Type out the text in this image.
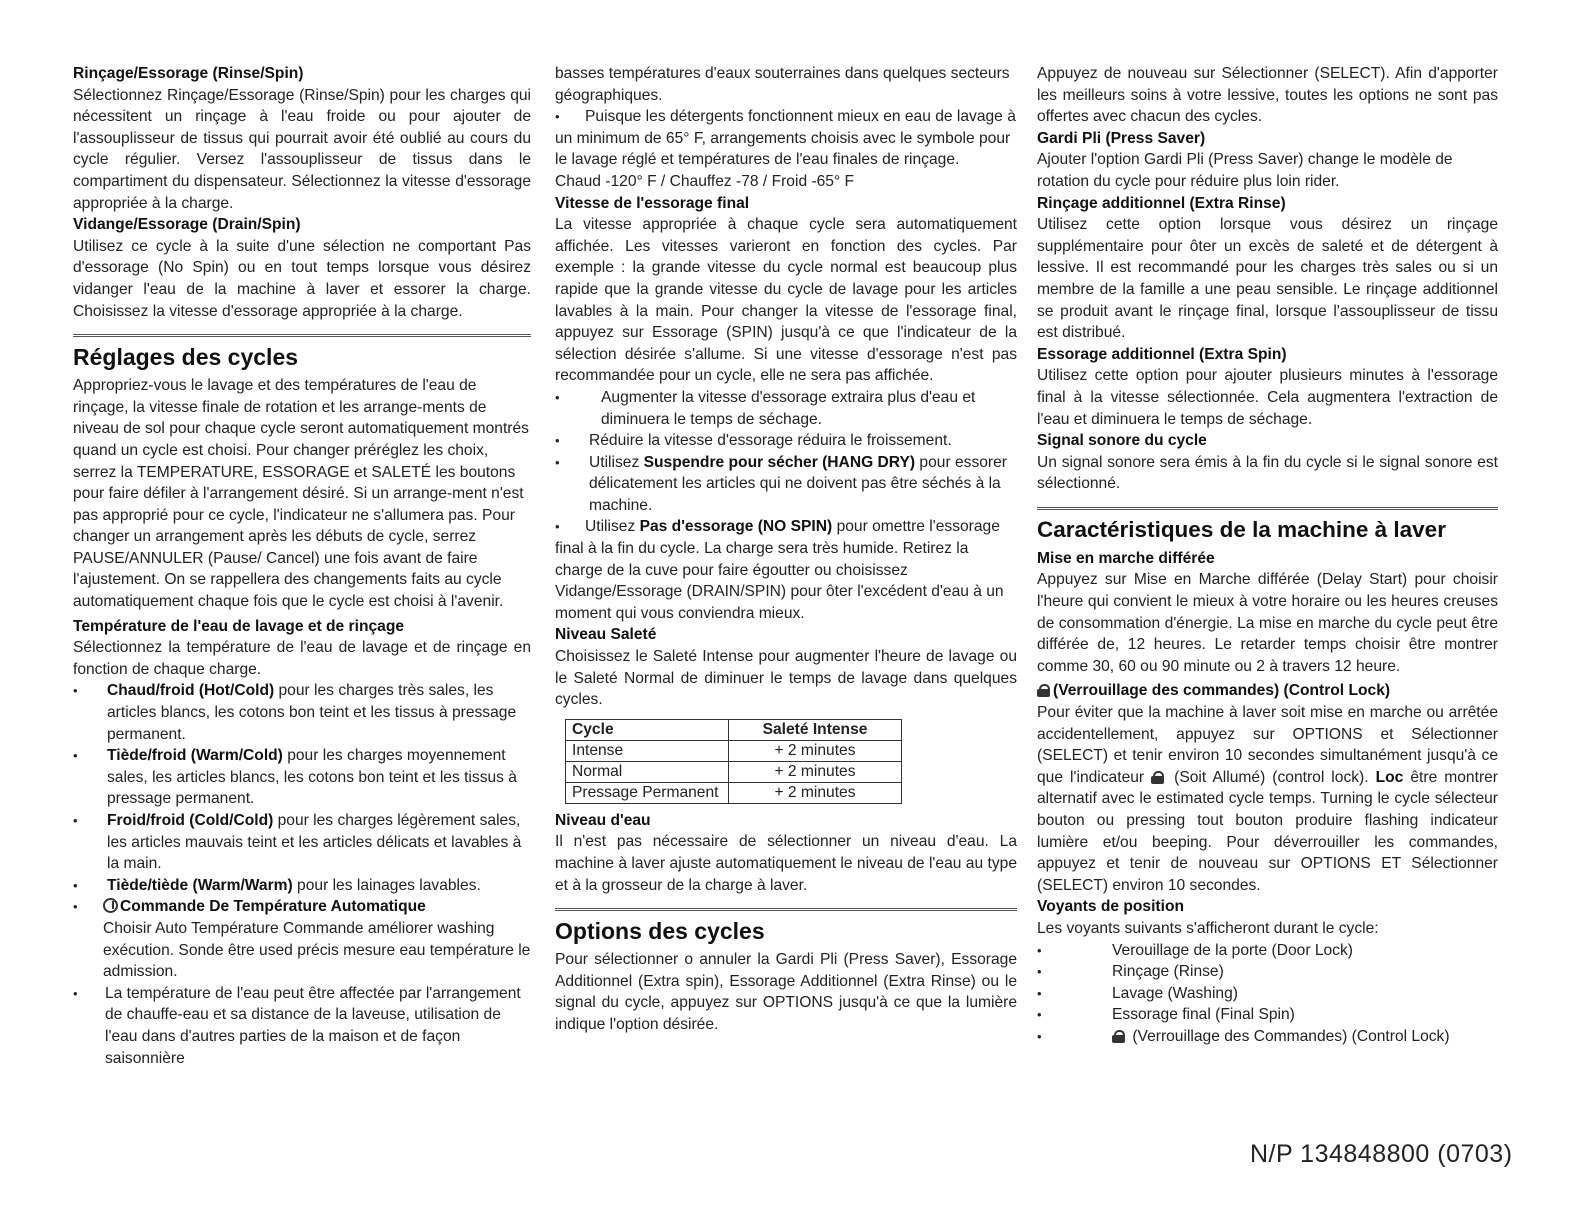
Rinçage/Essorage (Rinse/Spin)

Sélectionnez Rinçage/Essorage (Rinse/Spin) pour les charges qui nécessitent un rinçage à l'eau froide ou pour ajouter de l'assouplisseur de tissus qui pourrait avoir été oublié au cours du cycle régulier. Versez l'assouplisseur de tissus dans le compartiment du dispensateur. Sélectionnez la vitesse d'essorage appropriée à la charge.

Vidange/Essorage (Drain/Spin)

Utilisez ce cycle à la suite d'une sélection ne comportant Pas d'essorage (No Spin) ou en tout temps lorsque vous désirez vidanger l'eau de la machine à laver et essorer la charge. Choisissez la vitesse d'essorage appropriée à la charge.

Réglages des cycles

Appropriez-vous le lavage et des températures de l'eau de rinçage, la vitesse finale de rotation et les arrange-ments de niveau de sol pour chaque cycle seront automatiquement montrés quand un cycle est choisi. Pour changer préréglez les choix, serrez la TEMPERATURE, ESSORAGE et SALETÉ les boutons pour faire défiler à l'arrangement désiré. Si un arrange-ment n'est pas approprié pour ce cycle, l'indicateur ne s'allumera pas. Pour changer un arrangement après les débuts de cycle, serrez PAUSE/ANNULER (Pause/ Cancel) une fois avant de faire l'ajustement. On se rappellera des changements faits au cycle automatiquement chaque fois que le cycle est choisi à l'avenir.

Température de l'eau de lavage et de rinçage

Sélectionnez la température de l'eau de lavage et de rinçage en fonction de chaque charge.

• Chaud/froid (Hot/Cold) pour les charges très sales, les articles blancs, les cotons bon teint et les tissus à pressage permanent.
• Tiède/froid (Warm/Cold) pour les charges moyennement sales, les articles blancs, les cotons bon teint et les tissus à pressage permanent.
• Froid/froid (Cold/Cold) pour les charges légèrement sales, les articles mauvais teint et les articles délicats et lavables à la main.
• Tiède/tiède (Warm/Warm) pour les lainages lavables.
• Commande De Température Automatique
Choisir Auto Température Commande améliorer washing exécution. Sonde être used précis mesure eau température le admission.
• La température de l'eau peut être affectée par l'arrangement de chauffe-eau et sa distance de la laveuse, utilisation de l'eau dans d'autres parties de la maison et de façon saisonnière

basses températures d'eaux souterraines dans quelques secteurs géographiques.

• Puisque les détergents fonctionnent mieux en eau de lavage à un minimum de 65° F, arrangements choisis avec le symbole pour le lavage réglé et températures de l'eau finales de rinçage.

Chaud -120° F / Chauffez -78 / Froid -65° F

Vitesse de l'essorage final

La vitesse appropriée à chaque cycle sera automatiquement affichée. Les vitesses varieront en fonction des cycles. Par exemple : la grande vitesse du cycle normal est beaucoup plus rapide que la grande vitesse du cycle de lavage pour les articles lavables à la main. Pour changer la vitesse de l'essorage final, appuyez sur Essorage (SPIN) jusqu'à ce que l'indicateur de la sélection désirée s'allume. Si une vitesse d'essorage n'est pas recommandée pour un cycle, elle ne sera pas affichée.

• Augmenter la vitesse d'essorage extraira plus d'eau et diminuera le temps de séchage.
• Réduire la vitesse d'essorage réduira le froissement.
• Utilisez Suspendre pour sécher (HANG DRY) pour essorer délicatement les articles qui ne doivent pas être séchés à la machine.
• Utilisez Pas d'essorage (NO SPIN) pour omettre l'essorage final à la fin du cycle. La charge sera très humide. Retirez la charge de la cuve pour faire égoutter ou choisissez Vidange/Essorage (DRAIN/SPIN) pour ôter l'excédent d'eau à un moment qui vous conviendra mieux.

Niveau Saleté

Choisissez le Saleté Intense pour augmenter l'heure de lavage ou le Saleté Normal de diminuer le temps de lavage dans quelques cycles.

Cycle	Saleté Intense
Intense	+ 2 minutes
Normal	+ 2 minutes
Pressage Permanent	+ 2 minutes

Niveau d'eau

Il n'est pas nécessaire de sélectionner un niveau d'eau. La machine à laver ajuste automatiquement le niveau de l'eau au type et à la grosseur de la charge à laver.

Options des cycles

Pour sélectionner o annuler la Gardi Pli (Press Saver), Essorage Additionnel (Extra spin), Essorage Additionnel (Extra Rinse) ou le signal du cycle, appuyez sur OPTIONS jusqu'à ce que la lumière indique l'option désirée.

Appuyez de nouveau sur Sélectionner (SELECT). Afin d'apporter les meilleurs soins à votre lessive, toutes les options ne sont pas offertes avec chacun des cycles.

Gardi Pli (Press Saver)

Ajouter l'option Gardi Pli (Press Saver) change le modèle de rotation du cycle pour réduire plus loin rider.

Rinçage additionnel (Extra Rinse)

Utilisez cette option lorsque vous désirez un rinçage supplémentaire pour ôter un excès de saleté et de détergent à lessive. Il est recommandé pour les charges très sales ou si un membre de la famille a une peau sensible. Le rinçage additionnel se produit avant le rinçage final, lorsque l'assouplisseur de tissu est distribué.

Essorage additionnel (Extra Spin)

Utilisez cette option pour ajouter plusieurs minutes à l'essorage final à la vitesse sélectionnée. Cela augmentera l'extraction de l'eau et diminuera le temps de séchage.

Signal sonore du cycle

Un signal sonore sera émis à la fin du cycle si le signal sonore est sélectionné.

Caractéristiques de la machine à laver

Mise en marche différée

Appuyez sur Mise en Marche différée (Delay Start) pour choisir l'heure qui convient le mieux à votre horaire ou les heures creuses de consommation d'énergie. La mise en marche du cycle peut être différée de, 12 heures. Le retarder temps choisir être montrer comme 30, 60 ou 90 minute ou 2 à travers 12 heure.

(Verrouillage des commandes) (Control Lock)

Pour éviter que la machine à laver soit mise en marche ou arrêtée accidentellement, appuyez sur OPTIONS et Sélectionner (SELECT) et tenir environ 10 secondes simultanément jusqu'à ce que l'indicateur  (Soit Allumé) (control lock). Loc être montrer alternatif avec le estimated cycle temps. Turning le cycle sélecteur bouton ou pressing tout bouton produire flashing indicateur lumière et/ou beeping. Pour déverrouiller les commandes, appuyez et tenir de nouveau sur OPTIONS ET Sélectionner (SELECT) environ 10 secondes.

Voyants de position

Les voyants suivants s'afficheront durant le cycle:

• Verouillage de la porte (Door Lock)
• Rinçage (Rinse)
• Lavage (Washing)
• Essorage final (Final Spin)
• (Verrouillage des Commandes) (Control Lock)
N/P 134848800 (0703)
